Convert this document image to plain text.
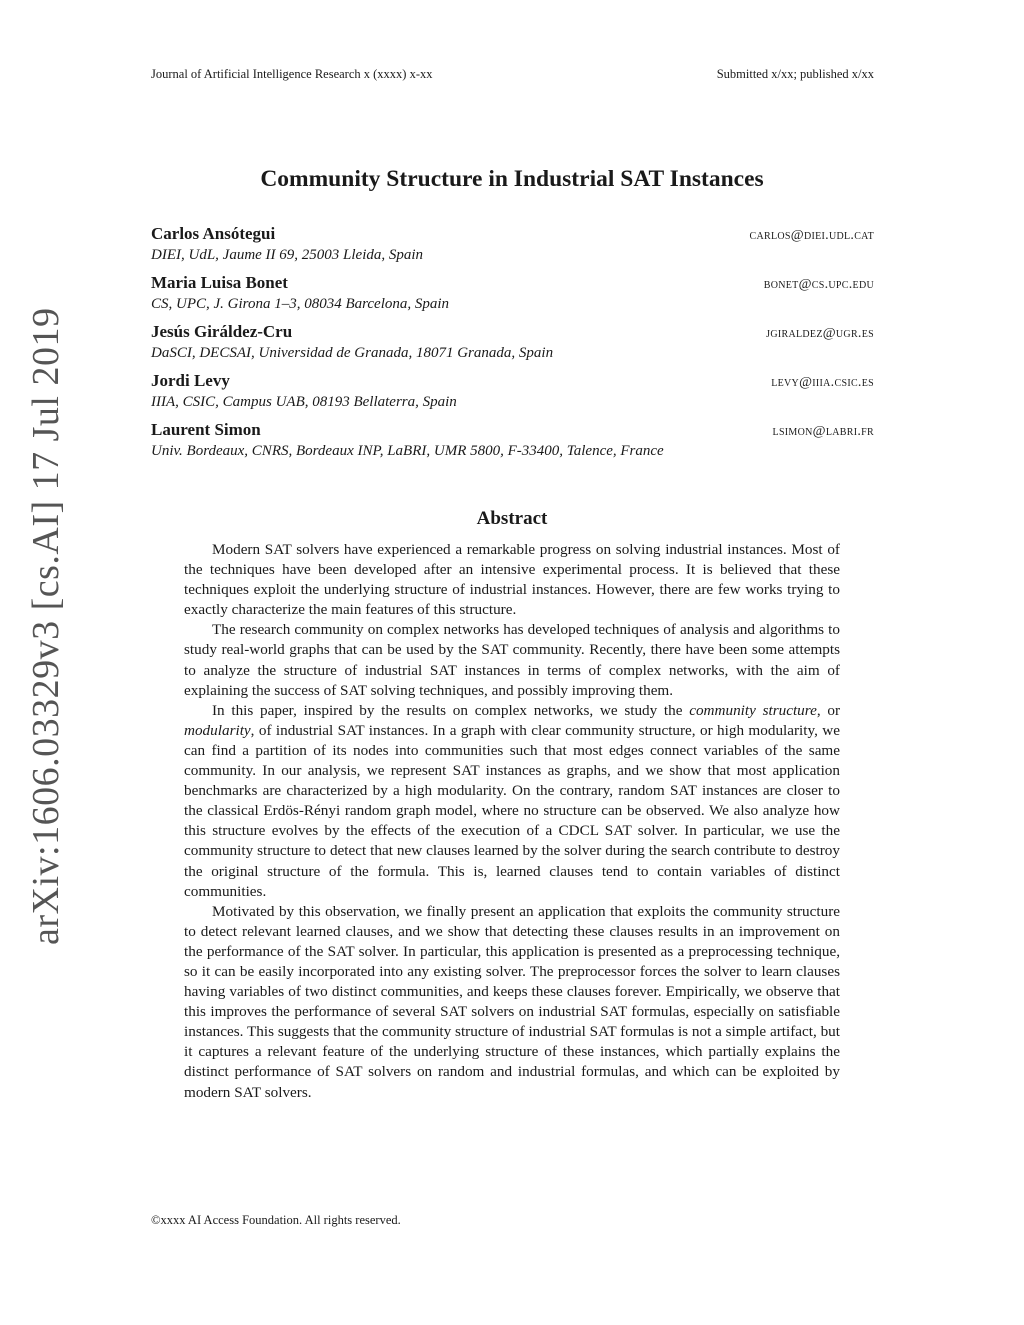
Journal of Artificial Intelligence Research x (xxxx) x-xx	Submitted x/xx; published x/xx
arXiv:1606.03329v3 [cs.AI] 17 Jul 2019
Community Structure in Industrial SAT Instances
Carlos Ansótegui	carlos@diei.udl.cat
DIEI, UdL, Jaume II 69, 25003 Lleida, Spain
Maria Luisa Bonet	bonet@cs.upc.edu
CS, UPC, J. Girona 1–3, 08034 Barcelona, Spain
Jesús Giráldez-Cru	jgiraldez@ugr.es
DaSCI, DECSAI, Universidad de Granada, 18071 Granada, Spain
Jordi Levy	levy@iiia.csic.es
IIIA, CSIC, Campus UAB, 08193 Bellaterra, Spain
Laurent Simon	lsimon@labri.fr
Univ. Bordeaux, CNRS, Bordeaux INP, LaBRI, UMR 5800, F-33400, Talence, France
Abstract

Modern SAT solvers have experienced a remarkable progress on solving industrial instances. Most of the techniques have been developed after an intensive experimental process. It is believed that these techniques exploit the underlying structure of industrial instances. However, there are few works trying to exactly characterize the main features of this structure.

The research community on complex networks has developed techniques of analysis and algorithms to study real-world graphs that can be used by the SAT community. Recently, there have been some attempts to analyze the structure of industrial SAT instances in terms of complex networks, with the aim of explaining the success of SAT solving techniques, and possibly improving them.

In this paper, inspired by the results on complex networks, we study the community structure, or modularity, of industrial SAT instances. In a graph with clear community structure, or high modularity, we can find a partition of its nodes into communities such that most edges connect variables of the same community. In our analysis, we represent SAT instances as graphs, and we show that most application benchmarks are characterized by a high modularity. On the contrary, random SAT instances are closer to the classical Erdös-Rényi random graph model, where no structure can be observed. We also analyze how this structure evolves by the effects of the execution of a CDCL SAT solver. In particular, we use the community structure to detect that new clauses learned by the solver during the search contribute to destroy the original structure of the formula. This is, learned clauses tend to contain variables of distinct communities.

Motivated by this observation, we finally present an application that exploits the community structure to detect relevant learned clauses, and we show that detecting these clauses results in an improvement on the performance of the SAT solver. In particular, this application is presented as a preprocessing technique, so it can be easily incorporated into any existing solver. The preprocessor forces the solver to learn clauses having variables of two distinct communities, and keeps these clauses forever. Empirically, we observe that this improves the performance of several SAT solvers on industrial SAT formulas, especially on satisfiable instances. This suggests that the community structure of industrial SAT formulas is not a simple artifact, but it captures a relevant feature of the underlying structure of these instances, which partially explains the distinct performance of SAT solvers on random and industrial formulas, and which can be exploited by modern SAT solvers.

©xxxx AI Access Foundation. All rights reserved.
